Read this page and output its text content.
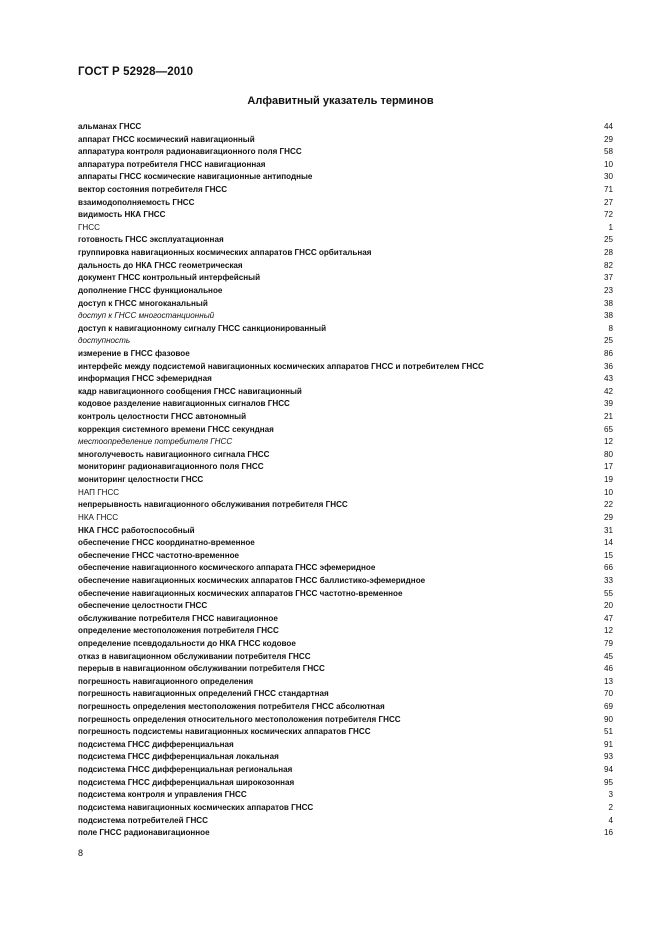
ГОСТ Р 52928—2010
Алфавитный указатель терминов
альманах ГНСС	44
аппарат ГНСС космический навигационный	29
аппаратура контроля радионавигационного поля ГНСС	58
аппаратура потребителя ГНСС навигационная	10
аппараты ГНСС космические навигационные антиподные	30
вектор состояния потребителя ГНСС	71
взаимодополняемость ГНСС	27
видимость НКА ГНСС	72
ГНСС	1
готовность ГНСС эксплуатационная	25
группировка навигационных космических аппаратов ГНСС орбитальная	28
дальность до НКА ГНСС геометрическая	82
документ ГНСС контрольный интерфейсный	37
дополнение ГНСС функциональное	23
доступ к ГНСС многоканальный	38
доступ к ГНСС многостанционный	38
доступ к навигационному сигналу ГНСС санкционированный	8
доступность	25
измерение в ГНСС фазовое	86
интерфейс между подсистемой навигационных космических аппаратов ГНСС и потребителем ГНСС	36
информация ГНСС эфемеридная	43
кадр навигационного сообщения ГНСС навигационный	42
кодовое разделение навигационных сигналов ГНСС	39
контроль целостности ГНСС автономный	21
коррекция системного времени ГНСС секундная	65
местоопределение потребителя ГНСС	12
многолучевость навигационного сигнала ГНСС	80
мониторинг радионавигационного поля ГНСС	17
мониторинг целостности ГНСС	19
НАП ГНСС	10
непрерывность навигационного обслуживания потребителя ГНСС	22
НКА ГНСС	29
НКА ГНСС работоспособный	31
обеспечение ГНСС координатно-временное	14
обеспечение ГНСС частотно-временное	15
обеспечение навигационного космического аппарата ГНСС эфемеридное	66
обеспечение навигационных космических аппаратов ГНСС баллистико-эфемеридное	33
обеспечение навигационных космических аппаратов ГНСС частотно-временное	55
обеспечение целостности ГНСС	20
обслуживание потребителя ГНСС навигационное	47
определение местоположения потребителя ГНСС	12
определение псевдодальности до НКА ГНСС кодовое	79
отказ в навигационном обслуживании потребителя ГНСС	45
перерыв в навигационном обслуживании потребителя ГНСС	46
погрешность навигационного определения	13
погрешность навигационных определений ГНСС стандартная	70
погрешность определения местоположения потребителя ГНСС абсолютная	69
погрешность определения относительного местоположения потребителя ГНСС	90
погрешность подсистемы навигационных космических аппаратов ГНСС	51
подсистема ГНСС дифференциальная	91
подсистема ГНСС дифференциальная локальная	93
подсистема ГНСС дифференциальная региональная	94
подсистема ГНСС дифференциальная широкозонная	95
подсистема контроля и управления ГНСС	3
подсистема навигационных космических аппаратов ГНСС	2
подсистема потребителей ГНСС	4
поле ГНСС радионавигационное	16
8
